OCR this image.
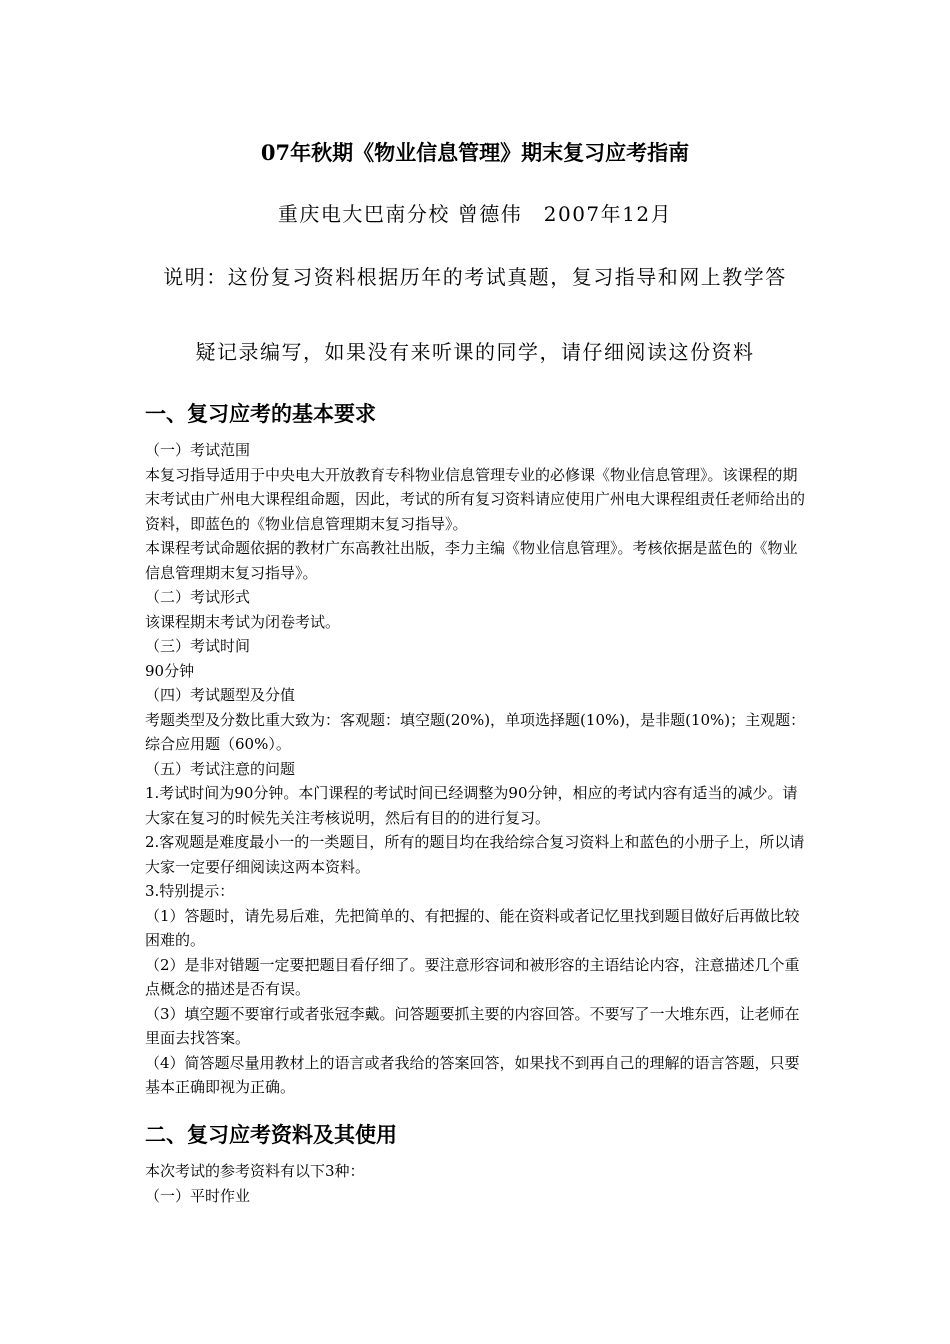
07年秋期《物业信息管理》期末复习应考指南
重庆电大巴南分校 曾德伟　2007年12月
说明：这份复习资料根据历年的考试真题，复习指导和网上教学答
疑记录编写，如果没有来听课的同学，请仔细阅读这份资料
一、复习应考的基本要求

（一）考试范围

本复习指导适用于中央电大开放教育专科物业信息管理专业的必修课《物业信息管理》。该课程的期末考试由广州电大课程组命题，因此，考试的所有复习资料请应使用广州电大课程组责任老师给出的资料，即蓝色的《物业信息管理期末复习指导》。

本课程考试命题依据的教材广东高教社出版，李力主编《物业信息管理》。考核依据是蓝色的《物业信息管理期末复习指导》。

（二）考试形式

该课程期末考试为闭卷考试。

（三）考试时间

90分钟

（四）考试题型及分值

考题类型及分数比重大致为：客观题：填空题(20%)，单项选择题(10%)，是非题(10%)；主观题：综合应用题（60%）。

（五）考试注意的问题

1.考试时间为90分钟。本门课程的考试时间已经调整为90分钟，相应的考试内容有适当的减少。请大家在复习的时候先关注考核说明，然后有目的的进行复习。

2.客观题是难度最小一的一类题目，所有的题目均在我给综合复习资料上和蓝色的小册子上，所以请大家一定要仔细阅读这两本资料。

3.特别提示：

（1）答题时，请先易后难，先把简单的、有把握的、能在资料或者记忆里找到题目做好后再做比较困难的。

（2）是非对错题一定要把题目看仔细了。要注意形容词和被形容的主语结论内容，注意描述几个重点概念的描述是否有误。

（3）填空题不要窜行或者张冠李戴。问答题要抓主要的内容回答。不要写了一大堆东西，让老师在里面去找答案。

（4）简答题尽量用教材上的语言或者我给的答案回答，如果找不到再自己的理解的语言答题，只要基本正确即视为正确。

二、复习应考资料及其使用

本次考试的参考资料有以下3种：

（一）平时作业
